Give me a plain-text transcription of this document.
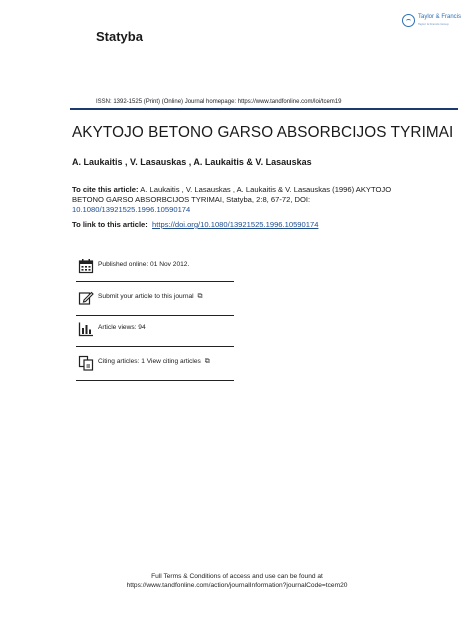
Statyba
Taylor & Francis
Taylor & Francis Group
ISSN: 1392-1525 (Print) (Online) Journal homepage: https://www.tandfonline.com/loi/tcem19
AKYTOJO BETONO GARSO ABSORBCIJOS TYRIMAI
A. Laukaitis , V. Lasauskas , A. Laukaitis & V. Lasauskas
To cite this article: A. Laukaitis , V. Lasauskas , A. Laukaitis & V. Lasauskas (1996) AKYTOJO BETONO GARSO ABSORBCIJOS TYRIMAI, Statyba, 2:8, 67-72, DOI: 10.1080/13921525.1996.10590174
To link to this article: https://doi.org/10.1080/13921525.1996.10590174
Published online: 01 Nov 2012.
Submit your article to this journal ⧉
Article views: 94
Citing articles: 1 View citing articles ⧉
Full Terms & Conditions of access and use can be found at
https://www.tandfonline.com/action/journalInformation?journalCode=tcem20
